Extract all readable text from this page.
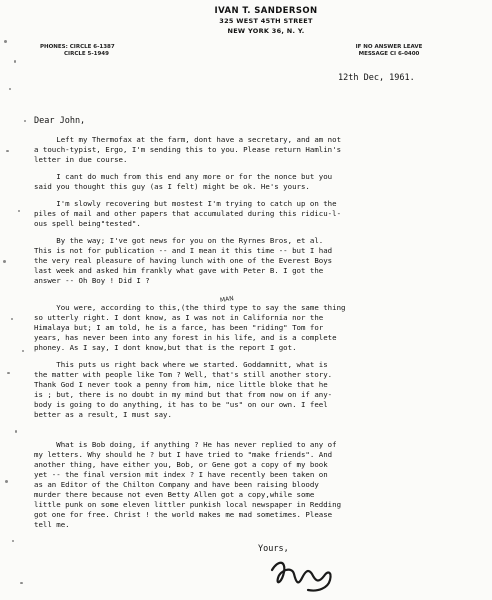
IVAN T. SANDERSON
325 WEST 45TH STREET
NEW YORK 36, N. Y.
PHONES: CIRCLE 6-1387
CIRCLE 5-1949
IF NO ANSWER LEAVE
MESSAGE CI 6-0400
12th Dec, 1961.
Dear John,
Left my Thermofax at the farm, dont have a secretary, and am not
a touch-typist, Ergo, I'm sending this to you. Please return Hamlin's
letter in due course.
I cant do much from this end any more or for the nonce but you
said you thought this guy (as I felt) might be ok. He's yours.
I'm slowly recovering but mostest I'm trying to catch up on the
piles of mail and other papers that accumulated during this ridicu-l-
ous spell being"tested".
By the way; I've got news for you on the Ryrnes Bros, et al.
This is not for publication -- and I mean it this time -- but I had
the very real pleasure of having lunch with one of the Everest Boys
last week and asked him frankly what gave with Peter B. I got the
answer -- Oh Boy ! Did I ?
MAN
You were, according to this,(the third type to say the same thing
so utterly right. I dont know, as I was not in California nor the
Himalaya but; I am told, he is a farce, has been "riding" Tom for
years, has never been into any forest in his life, and is a complete
phoney. As I say, I dont know,but that is the report I got.
This puts us right back where we started. Goddamnitt, what is
the matter with people like Tom ? Well, that's still another story.
Thank God I never took a penny from him, nice little bloke that he
is ; but, there is no doubt in my mind but that from now on if any-
body is going to do anything, it has to be "us" on our own. I feel
better as a result, I must say.
What is Bob doing, if anything ? He has never replied to any of
my letters. Why should he ? but I have tried to "make friends". And
another thing, have either you, Bob, or Gene got a copy of my book
yet -- the final version mit index ? I have recently been taken on
as an Editor of the Chilton Company and have been raising bloody
murder there because not even Betty Allen got a copy,while some
little punk on some eleven littler punkish local newspaper in Redding
got one for free. Christ ! the world makes me mad sometimes. Please
tell me.
Yours,
